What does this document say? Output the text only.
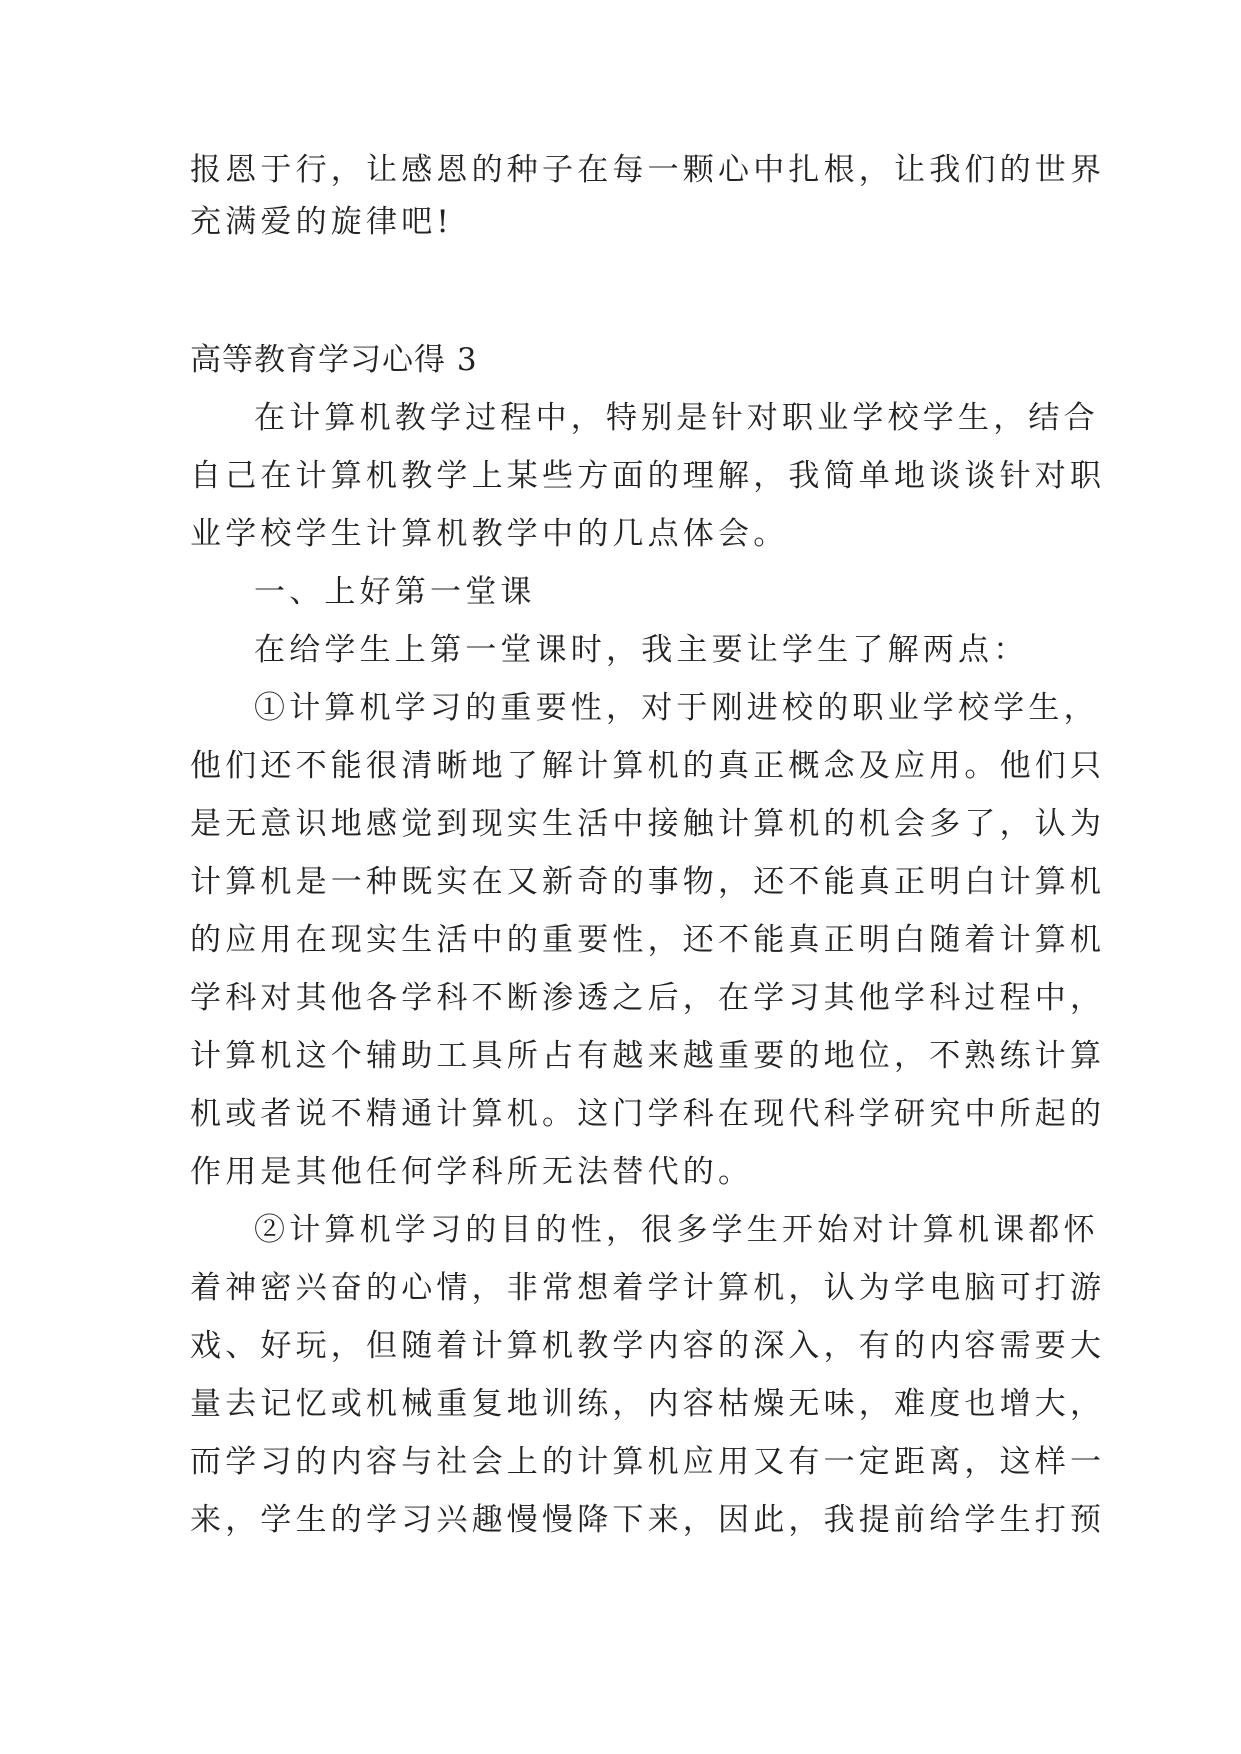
报恩于行，让感恩的种子在每一颗心中扎根，让我们的世界
充满爱的旋律吧!
高等教育学习心得 3
在计算机教学过程中，特别是针对职业学校学生，结合
自己在计算机教学上某些方面的理解，我简单地谈谈针对职
业学校学生计算机教学中的几点体会。
一、上好第一堂课
在给学生上第一堂课时，我主要让学生了解两点：
①计算机学习的重要性，对于刚进校的职业学校学生，
他们还不能很清晰地了解计算机的真正概念及应用。他们只
是无意识地感觉到现实生活中接触计算机的机会多了，认为
计算机是一种既实在又新奇的事物，还不能真正明白计算机
的应用在现实生活中的重要性，还不能真正明白随着计算机
学科对其他各学科不断渗透之后，在学习其他学科过程中，
计算机这个辅助工具所占有越来越重要的地位，不熟练计算
机或者说不精通计算机。这门学科在现代科学研究中所起的
作用是其他任何学科所无法替代的。
②计算机学习的目的性，很多学生开始对计算机课都怀
着神密兴奋的心情，非常想着学计算机，认为学电脑可打游
戏、好玩，但随着计算机教学内容的深入，有的内容需要大
量去记忆或机械重复地训练，内容枯燥无味，难度也增大，
而学习的内容与社会上的计算机应用又有一定距离，这样一
来，学生的学习兴趣慢慢降下来，因此，我提前给学生打预
